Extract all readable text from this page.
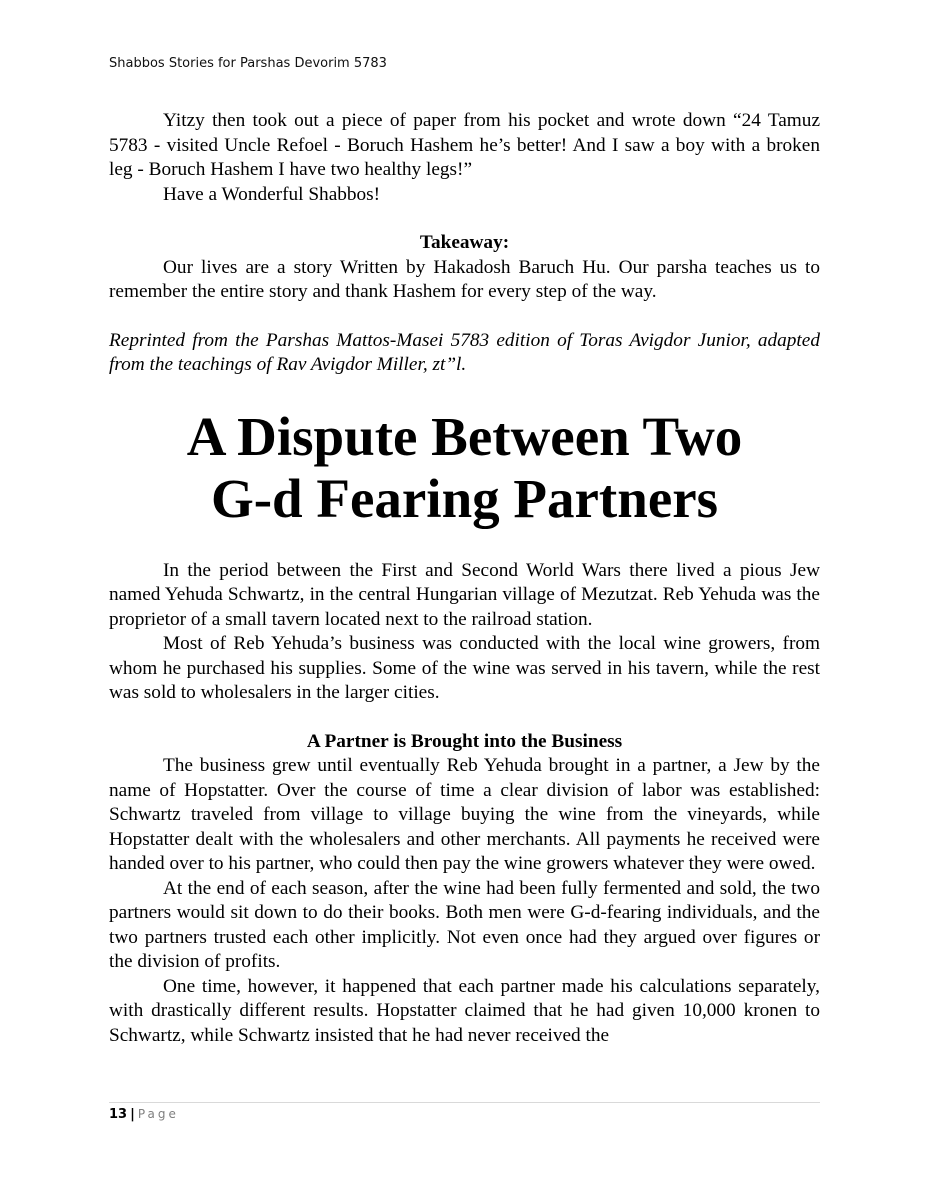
Shabbos Stories for Parshas Devorim 5783

Yitzy then took out a piece of paper from his pocket and wrote down “24 Tamuz 5783 - visited Uncle Refoel - Boruch Hashem he’s better! And I saw a boy with a broken leg - Boruch Hashem I have two healthy legs!”

Have a Wonderful Shabbos!

Takeaway:

Our lives are a story Written by Hakadosh Baruch Hu. Our parsha teaches us to remember the entire story and thank Hashem for every step of the way.

Reprinted from the Parshas Mattos-Masei 5783 edition of Toras Avigdor Junior, adapted from the teachings of Rav Avigdor Miller, zt”l.

A Dispute Between Two
G-d Fearing Partners

In the period between the First and Second World Wars there lived a pious Jew named Yehuda Schwartz, in the central Hungarian village of Mezutzat. Reb Yehuda was the proprietor of a small tavern located next to the railroad station.

Most of Reb Yehuda’s business was conducted with the local wine growers, from whom he purchased his supplies. Some of the wine was served in his tavern, while the rest was sold to wholesalers in the larger cities.

A Partner is Brought into the Business

The business grew until eventually Reb Yehuda brought in a partner, a Jew by the name of Hopstatter. Over the course of time a clear division of labor was established: Schwartz traveled from village to village buying the wine from the vineyards, while Hopstatter dealt with the wholesalers and other merchants. All payments he received were handed over to his partner, who could then pay the wine growers whatever they were owed.

At the end of each season, after the wine had been fully fermented and sold, the two partners would sit down to do their books. Both men were G-d-fearing individuals, and the two partners trusted each other implicitly. Not even once had they argued over figures or the division of profits.

One time, however, it happened that each partner made his calculations separately, with drastically different results. Hopstatter claimed that he had given 10,000 kronen to Schwartz, while Schwartz insisted that he had never received the

13 | Page
